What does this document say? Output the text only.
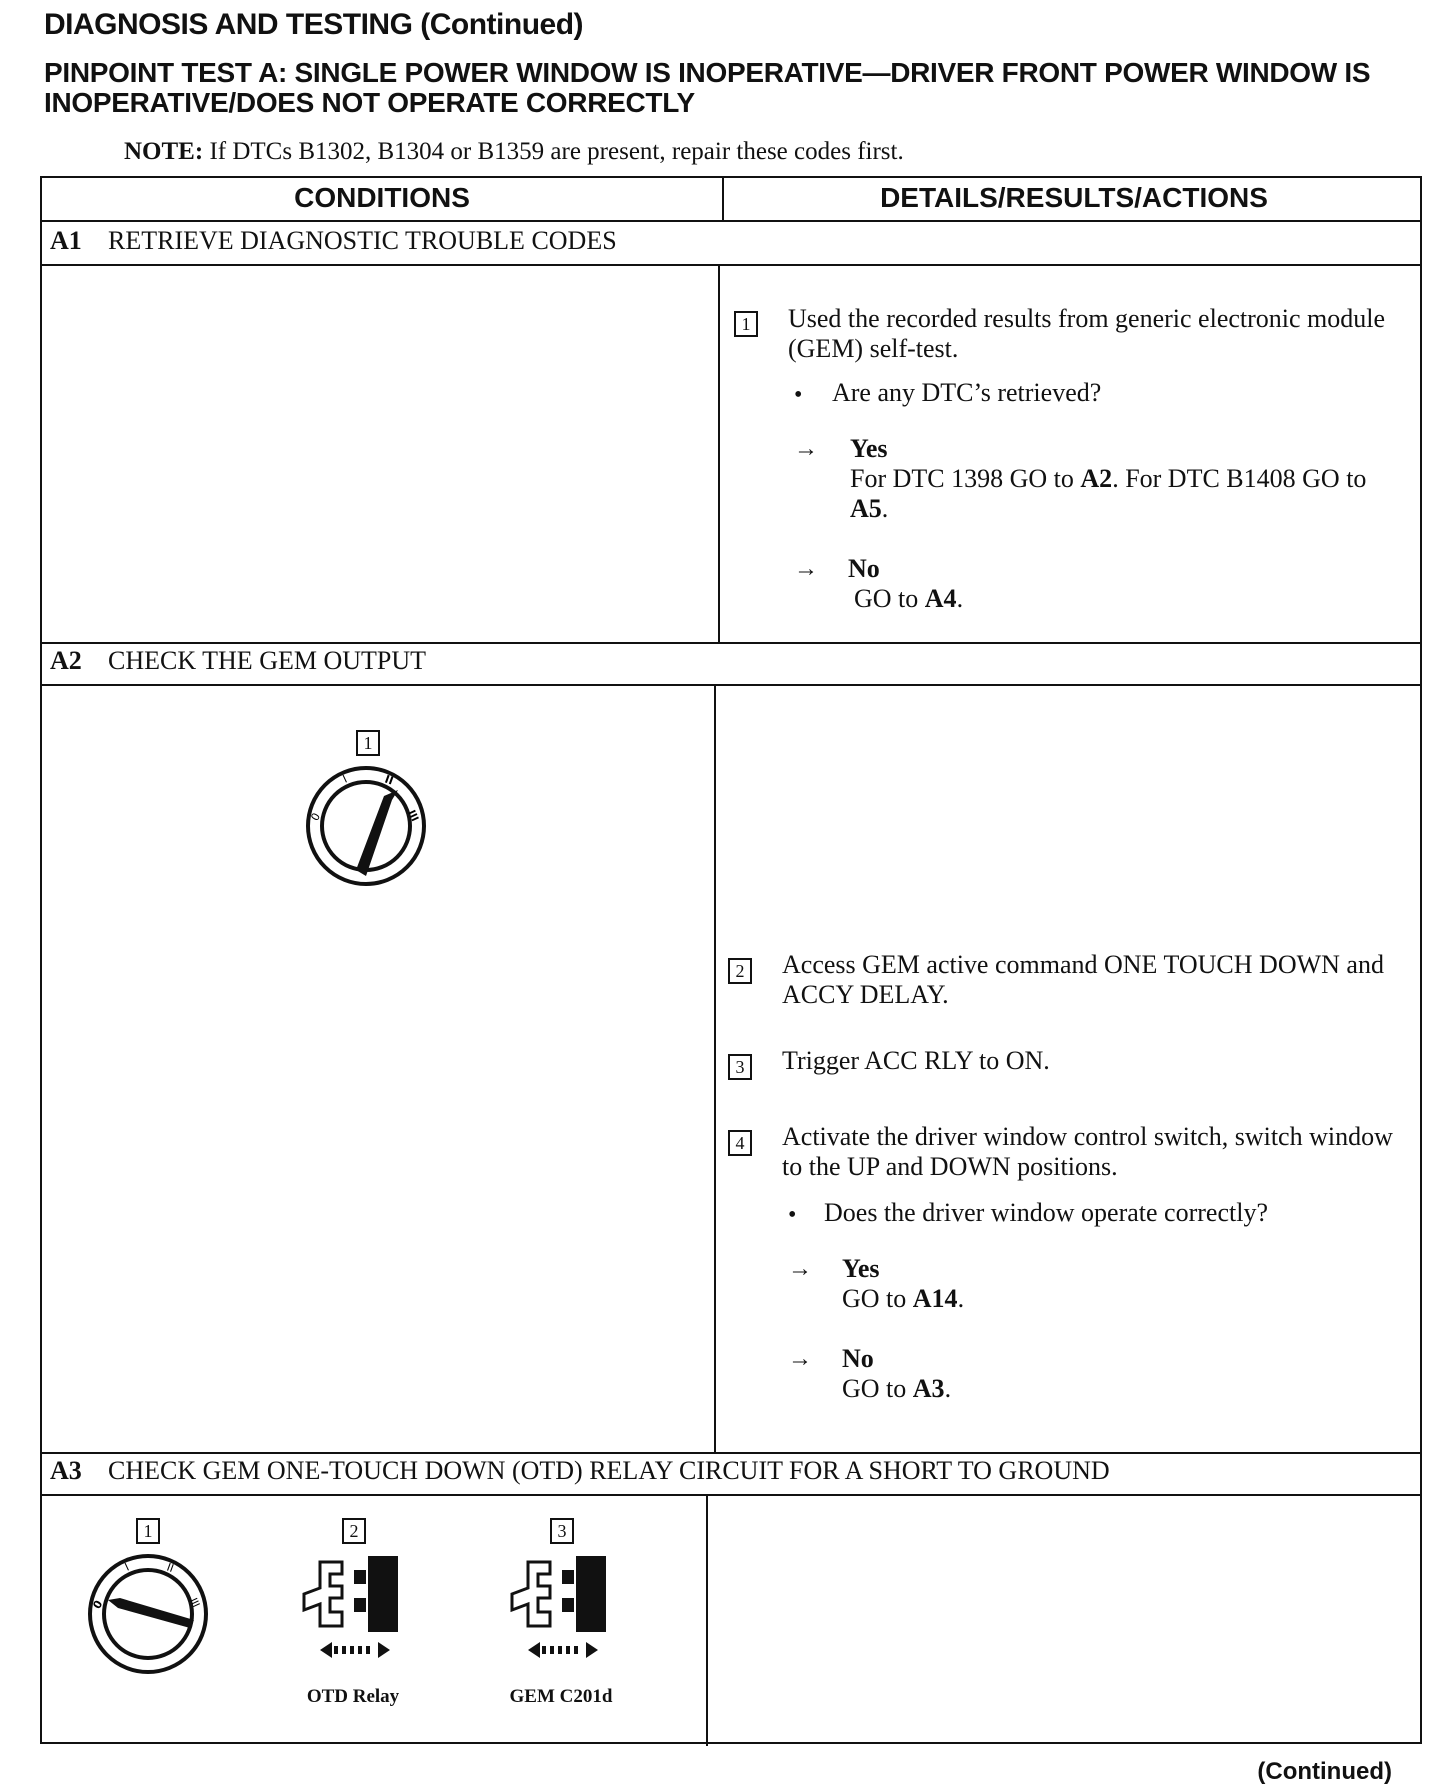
DIAGNOSIS AND TESTING (Continued)
PINPOINT TEST A: SINGLE POWER WINDOW IS INOPERATIVE—DRIVER FRONT POWER WINDOW IS INOPERATIVE/DOES NOT OPERATE CORRECTLY
NOTE: If DTCs B1302, B1304 or B1359 are present, repair these codes first.
CONDITIONS	DETAILS/RESULTS/ACTIONS
A1 RETRIEVE DIAGNOSTIC TROUBLE CODES
1 Used the recorded results from generic electronic module (GEM) self-test.
• Are any DTC’s retrieved?
→ Yes
For DTC 1398 GO to A2. For DTC B1408 GO to A5.
→ No
GO to A4.
A2 CHECK THE GEM OUTPUT
1
0
I	II
III
2 Access GEM active command ONE TOUCH DOWN and ACCY DELAY.
3 Trigger ACC RLY to ON.
4 Activate the driver window control switch, switch window to the UP and DOWN positions.
• Does the driver window operate correctly?
→ Yes
GO to A14.
→ No
GO to A3.
A3 CHECK GEM ONE-TOUCH DOWN (OTD) RELAY CIRCUIT FOR A SHORT TO GROUND
1
0
I	II
III
2
OTD Relay
3
GEM C201d
(Continued)
